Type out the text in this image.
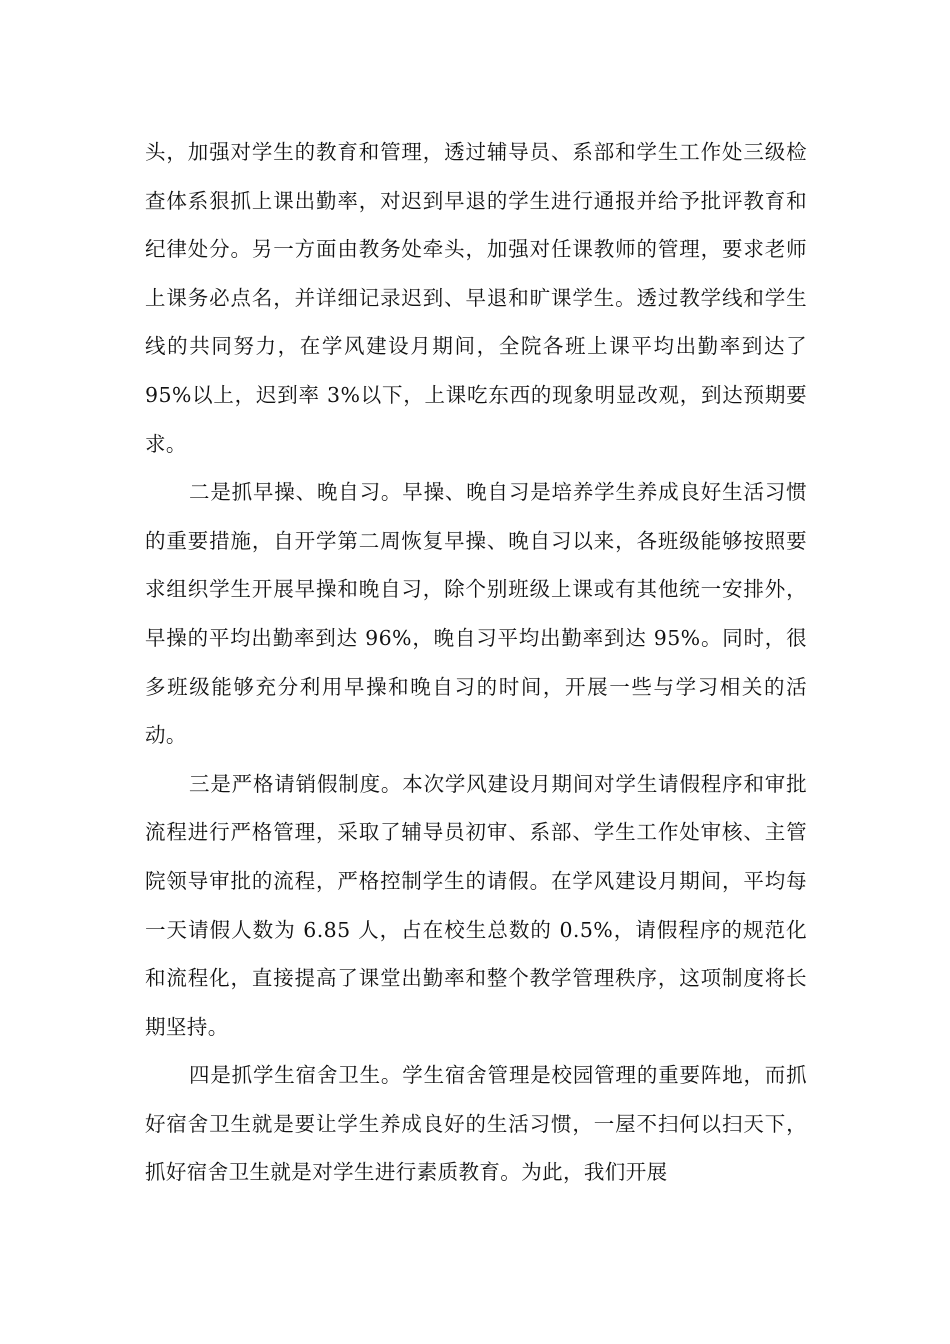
头，加强对学生的教育和管理，透过辅导员、系部和学生工作处三级检查体系狠抓上课出勤率，对迟到早退的学生进行通报并给予批评教育和纪律处分。另一方面由教务处牵头，加强对任课教师的管理，要求老师上课务必点名，并详细记录迟到、早退和旷课学生。透过教学线和学生线的共同努力，在学风建设月期间，全院各班上课平均出勤率到达了 95%以上，迟到率 3%以下，上课吃东西的现象明显改观，到达预期要求。

二是抓早操、晚自习。早操、晚自习是培养学生养成良好生活习惯的重要措施，自开学第二周恢复早操、晚自习以来，各班级能够按照要求组织学生开展早操和晚自习，除个别班级上课或有其他统一安排外，早操的平均出勤率到达 96%，晚自习平均出勤率到达 95%。同时，很多班级能够充分利用早操和晚自习的时间，开展一些与学习相关的活动。

三是严格请销假制度。本次学风建设月期间对学生请假程序和审批流程进行严格管理，采取了辅导员初审、系部、学生工作处审核、主管院领导审批的流程，严格控制学生的请假。在学风建设月期间，平均每一天请假人数为 6.85 人，占在校生总数的 0.5%，请假程序的规范化和流程化，直接提高了课堂出勤率和整个教学管理秩序，这项制度将长期坚持。

四是抓学生宿舍卫生。学生宿舍管理是校园管理的重要阵地，而抓好宿舍卫生就是要让学生养成良好的生活习惯，一屋不扫何以扫天下，抓好宿舍卫生就是对学生进行素质教育。为此，我们开展
